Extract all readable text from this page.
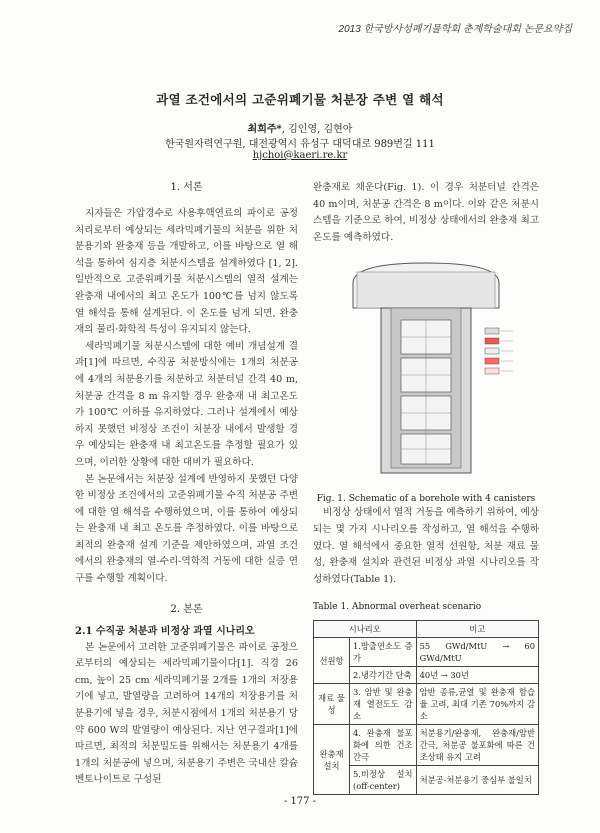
2013 한국방사성폐기물학회 춘계학술대회 논문요약집
과열 조건에서의 고준위폐기물 처분장 주변 열 해석
최희주*, 김인영, 김현아
한국원자력연구원, 대전광역시 유성구 대덕대로 989번길 111
hjchoi@kaeri.re.kr
1. 서론

지자들은 가압경수로 사용후핵연료의 파이로 공정처리로부터 예상되는 세라믹폐기물의 처분을 위한 처분용기와 완충재 등을 개발하고, 이를 바탕으로 열 해석을 통하여 심지층 처분시스템을 설계하였다 [1, 2]. 일반적으로 고준위폐기물 처분시스템의 열적 설계는 완충재 내에서의 최고 온도가 100℃를 넘지 않도록 열 해석을 통해 설계된다. 이 온도를 넘게 되면, 완충재의 물리·화학적 특성이 유지되지 않는다.

세라믹폐기물 처분시스템에 대한 예비 개념설계 결과[1]에 따르면, 수직공 처분방식에는 1개의 처분공에 4개의 처분용기를 처분하고 처분터널 간격 40 m, 처분공 간격을 8 m 유지할 경우 완충재 내 최고온도가 100℃ 이하를 유지하였다. 그러나 설계에서 예상하지 못했던 비정상 조건이 처분장 내에서 발생할 경우 예상되는 완충재 내 최고온도를 추정할 필요가 있으며, 이러한 상황에 대한 대비가 필요하다.

본 논문에서는 처분장 설계에 반영하지 못했던 다양한 비정상 조건에서의 고준위폐기물 수직 처분공 주변에 대한 열 해석을 수행하였으며, 이를 통하여 예상되는 완충재 내 최고 온도를 추정하였다. 이를 바탕으로 최적의 완충재 설계 기준을 제안하였으며, 과열 조건에서의 완충재의 열-수리-역학적 거동에 대한 실증 연구를 수행할 계획이다.

2. 본론
2.1 수직공 처분과 비정상 과열 시나리오

본 논문에서 고려한 고준위폐기물은 파이로 공정으로부터의 예상되는 세라믹폐기물이다[1]. 직경 26 cm, 높이 25 cm 세라믹폐기물 2개를 1개의 저장용기에 넣고, 발열량을 고려하여 14개의 저장용기를 처분용기에 넣을 경우, 처분시점에서 1개의 처분용기 당 약 600 W의 발열량이 예상된다. 지난 연구결과[1]에 따르면, 최적의 처분밀도를 위해서는 처분용기 4개를 1개의 처분공에 넣으며, 처분용기 주변은 국내산 칼슘 벤토나이트로 구성된

완충재로 채운다(Fig. 1). 이 경우 처분터널 간격은 40 m이며, 처분공 간격은 8 m이다. 이와 같은 처분시스템을 기준으로 하여, 비정상 상태에서의 완충재 최고온도를 예측하였다.

Fig. 1. Schematic of a borehole with 4 canisters

비정상 상태에서 열적 거동을 예측하기 위하여, 예상되는 몇 가지 시나리오를 작성하고, 열 해석을 수행하였다. 열 해석에서 중요한 열적 선원항, 처분 재료 물성, 완충재 설치와 관련된 비정상 과열 시나리오를 작성하였다(Table 1).

Table 1. Abnormal overheat scenario
시나리오		비고
선원항	1.방출연소도 증가	55 GWd/MtU → 60 GWd/MtU
	2.냉각기간 단축	40년 → 30년
재료 물성	3. 암반 및 완충재 열전도도 감소	암반 종류,균열 및 완충재 함습율 고려, 최대 기존 70%까지 감소
완충재 설치	4. 완충재 불포화에 의한 건조 간극	처분용기/완충재, 완충재/암반 간극, 처분공 불포화에 따른 건조상태 유지 고려
	5.비정상 설치 (off-center)	처분공-처분용기 중심부 불일치
- 177 -
